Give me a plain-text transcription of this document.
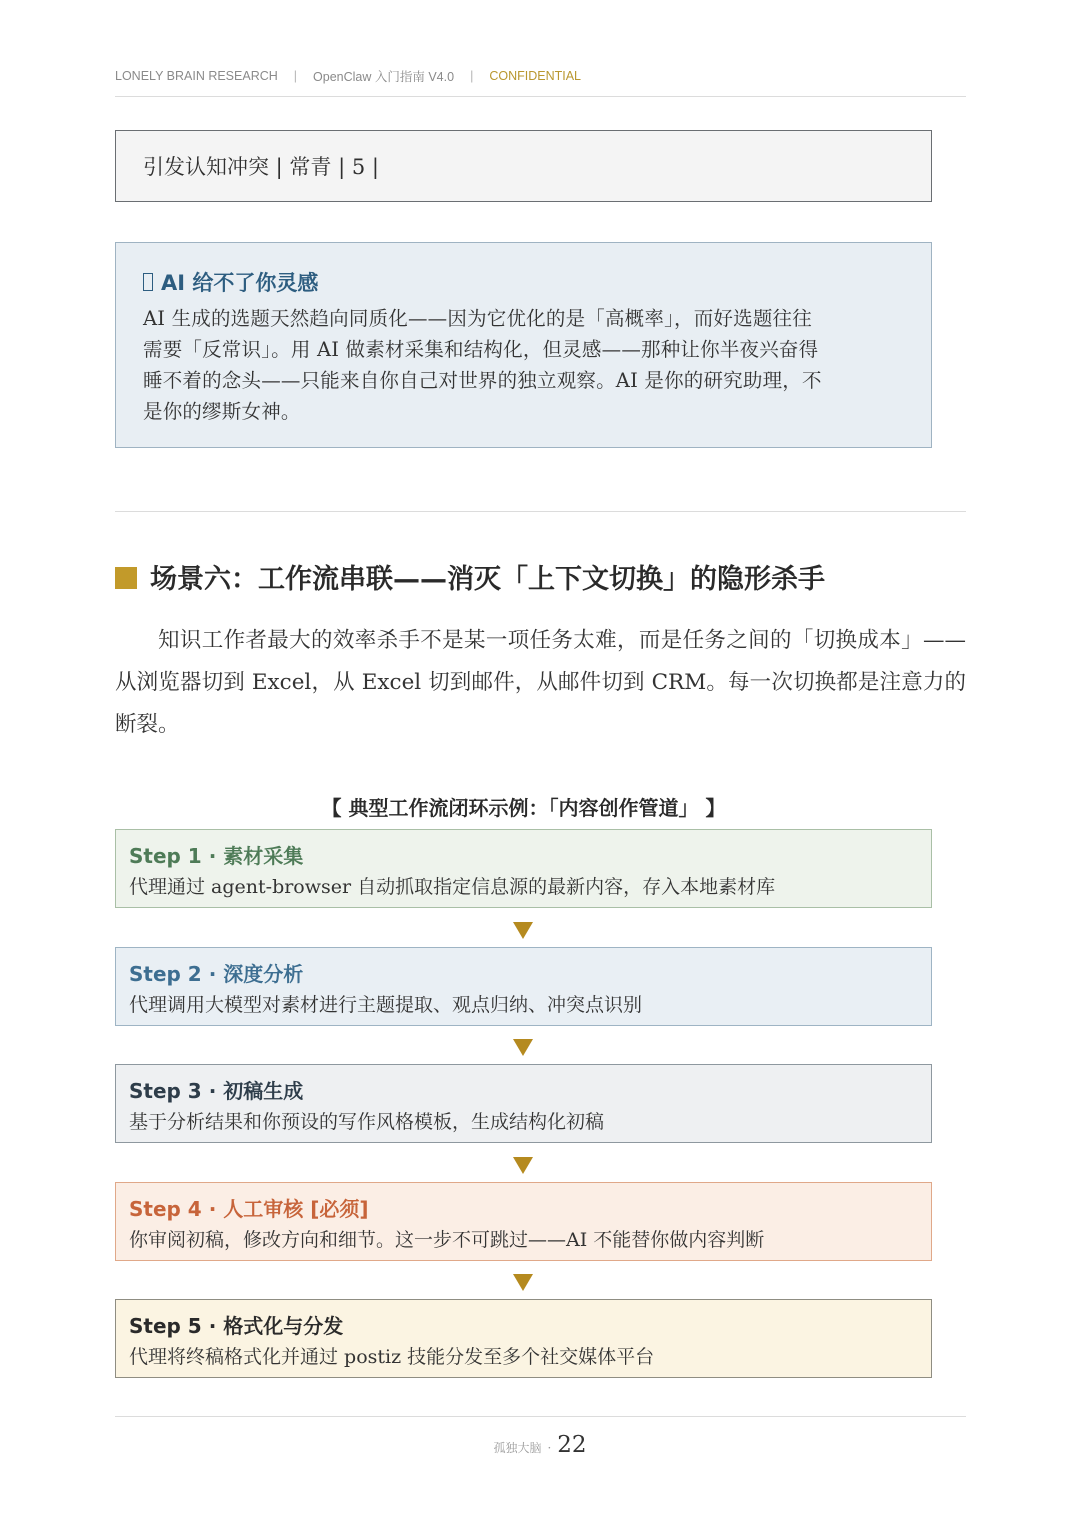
LONELY BRAIN RESEARCH | OpenClaw 入门指南 V4.0 | CONFIDENTIAL
引发认知冲突 | 常青 | 5 |
AI 给不了你灵感
AI 生成的选题天然趋向同质化——因为它优化的是「高概率」，而好选题往往
需要「反常识」。用 AI 做素材采集和结构化，但灵感——那种让你半夜兴奋得
睡不着的念头——只能来自你自己对世界的独立观察。AI 是你的研究助理，不
是你的缪斯女神。
场景六：工作流串联——消灭「上下文切换」的隐形杀手
知识工作者最大的效率杀手不是某一项任务太难，而是任务之间的「切换成本」——从浏览器切到 Excel，从 Excel 切到邮件，从邮件切到 CRM。每一次切换都是注意力的断裂。
【 典型工作流闭环示例：「内容创作管道」 】
Step 1 · 素材采集
代理通过 agent-browser 自动抓取指定信息源的最新内容，存入本地素材库
Step 2 · 深度分析
代理调用大模型对素材进行主题提取、观点归纳、冲突点识别
Step 3 · 初稿生成
基于分析结果和你预设的写作风格模板，生成结构化初稿
Step 4 · 人工审核 [必须]
你审阅初稿，修改方向和细节。这一步不可跳过——AI 不能替你做内容判断
Step 5 · 格式化与分发
代理将终稿格式化并通过 postiz 技能分发至多个社交媒体平台
孤独大脑 · 22
